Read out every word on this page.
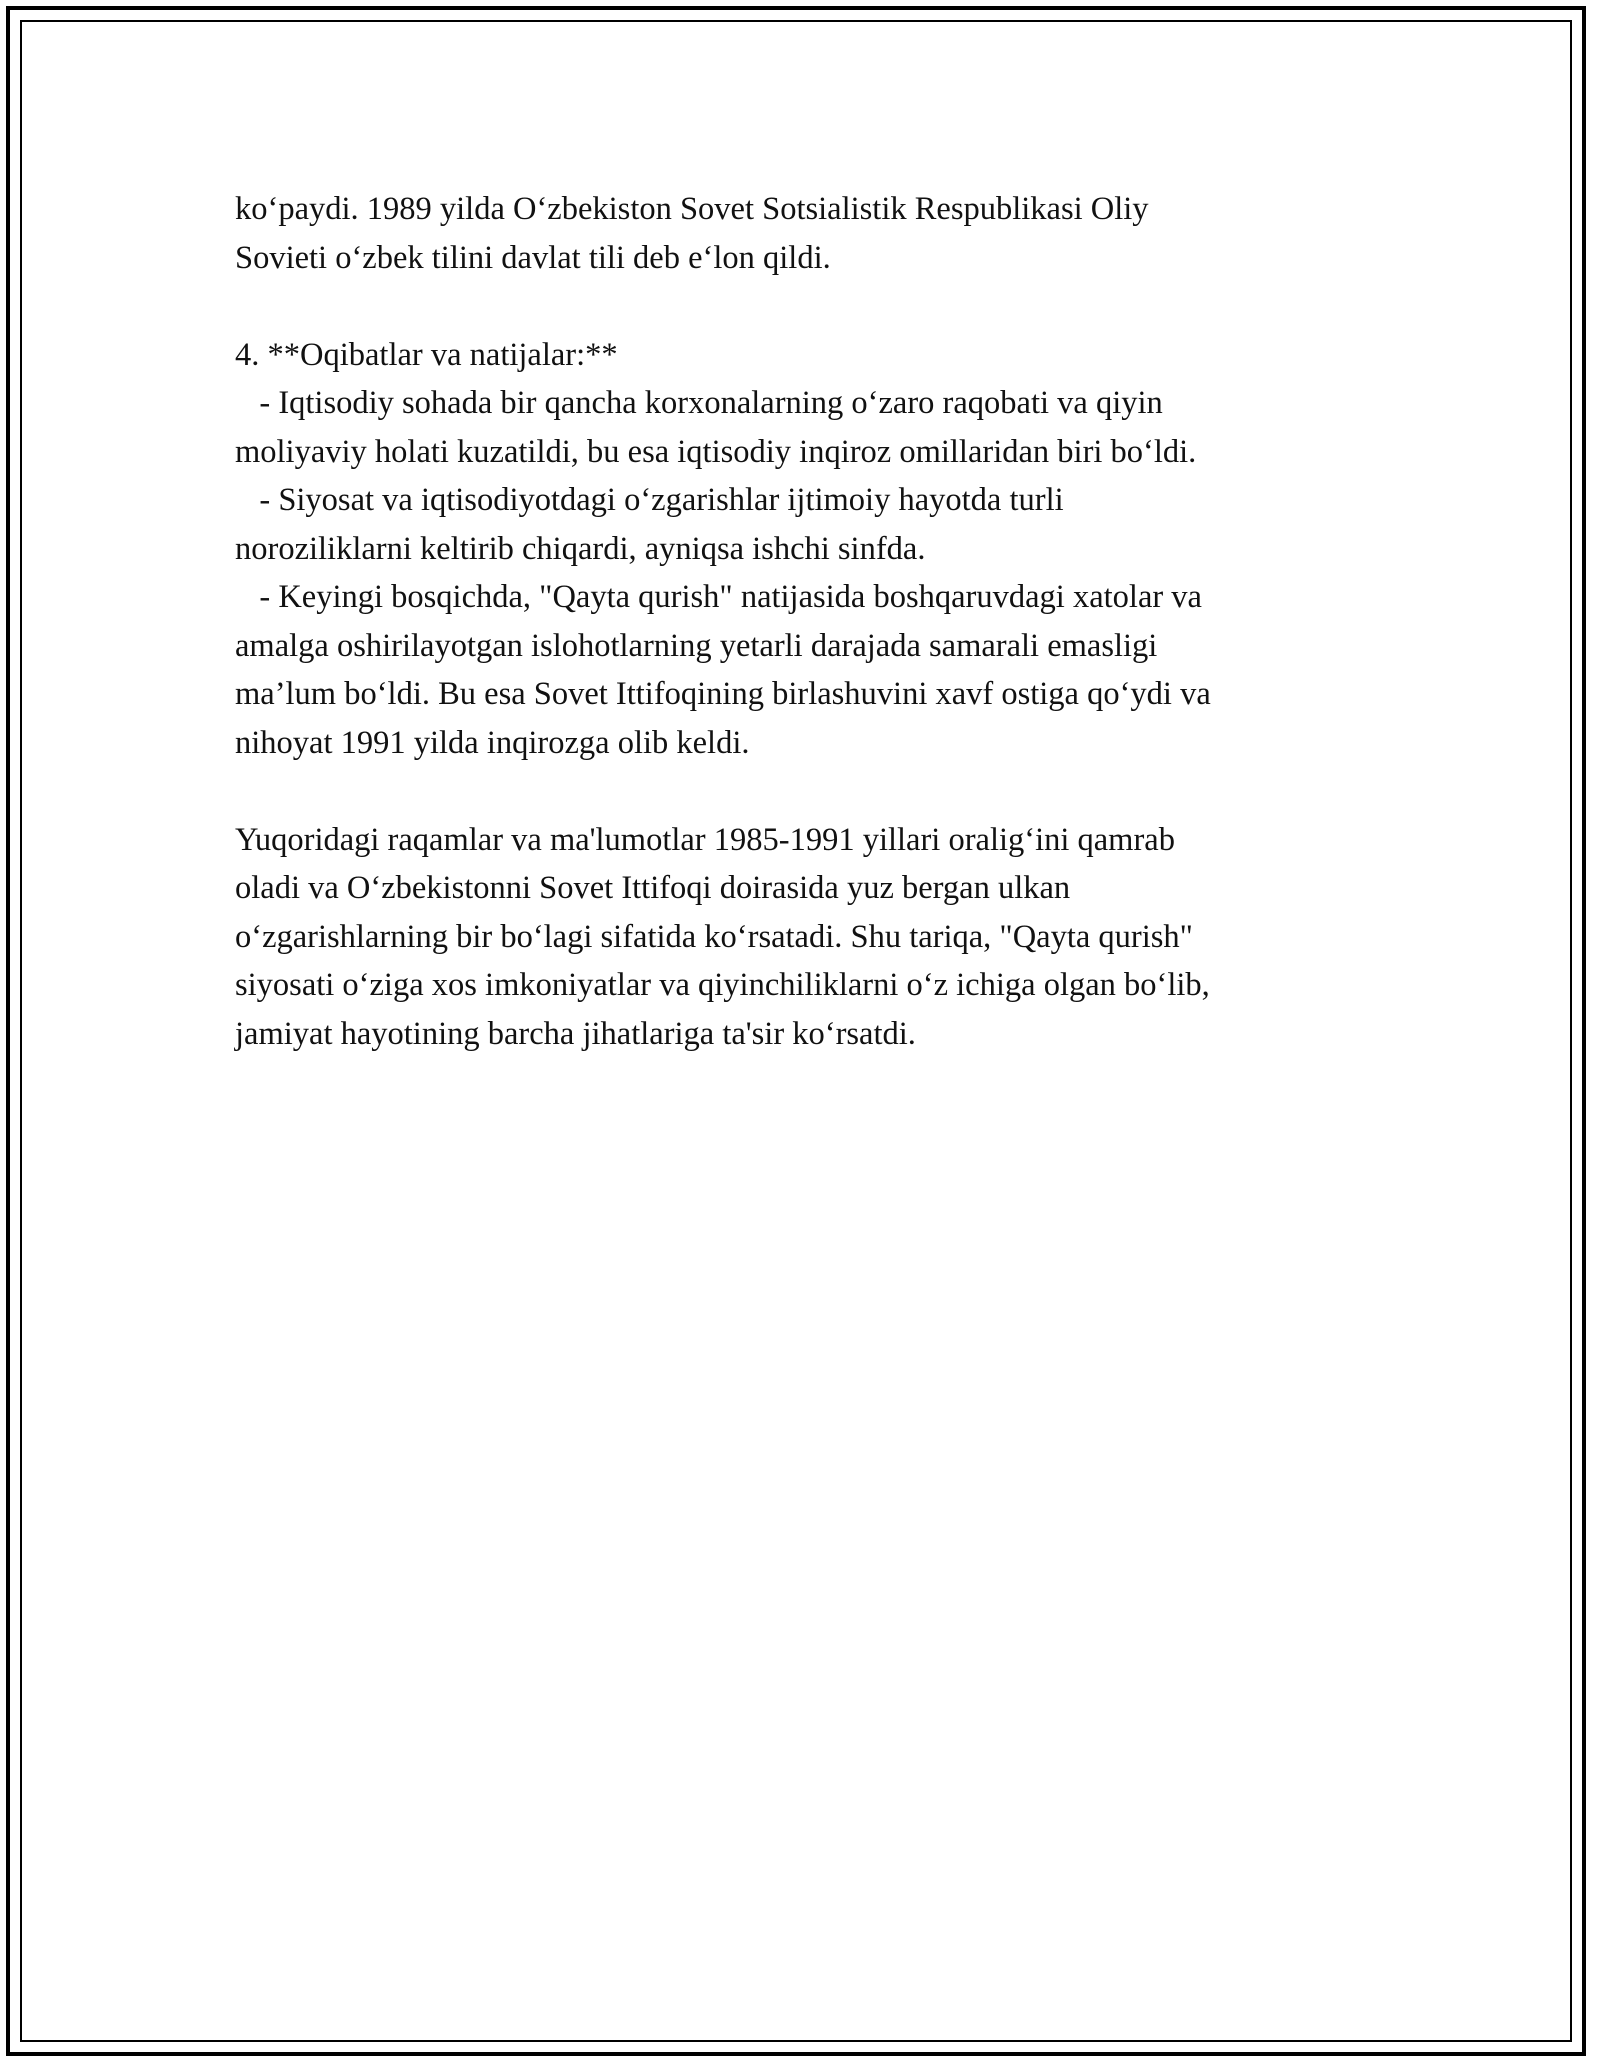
ko‘paydi. 1989 yilda O‘zbekiston Sovet Sotsialistik Respublikasi Oliy
Sovieti o‘zbek tilini davlat tili deb e‘lon qildi.
4. **Oqibatlar va natijalar:**
- Iqtisodiy sohada bir qancha korxonalarning o‘zaro raqobati va qiyin
moliyaviy holati kuzatildi, bu esa iqtisodiy inqiroz omillaridan biri bo‘ldi.
- Siyosat va iqtisodiyotdagi o‘zgarishlar ijtimoiy hayotda turli
noroziliklarni keltirib chiqardi, ayniqsa ishchi sinfda.
- Keyingi bosqichda, "Qayta qurish" natijasida boshqaruvdagi xatolar va
amalga oshirilayotgan islohotlarning yetarli darajada samarali emasligi
ma’lum bo‘ldi. Bu esa Sovet Ittifoqining birlashuvini xavf ostiga qo‘ydi va
nihoyat 1991 yilda inqirozga olib keldi.
Yuqoridagi raqamlar va ma'lumotlar 1985-1991 yillari oralig‘ini qamrab
oladi va O‘zbekistonni Sovet Ittifoqi doirasida yuz bergan ulkan
o‘zgarishlarning bir bo‘lagi sifatida ko‘rsatadi. Shu tariqa, "Qayta qurish"
siyosati o‘ziga xos imkoniyatlar va qiyinchiliklarni o‘z ichiga olgan bo‘lib,
jamiyat hayotining barcha jihatlariga ta'sir ko‘rsatdi.
